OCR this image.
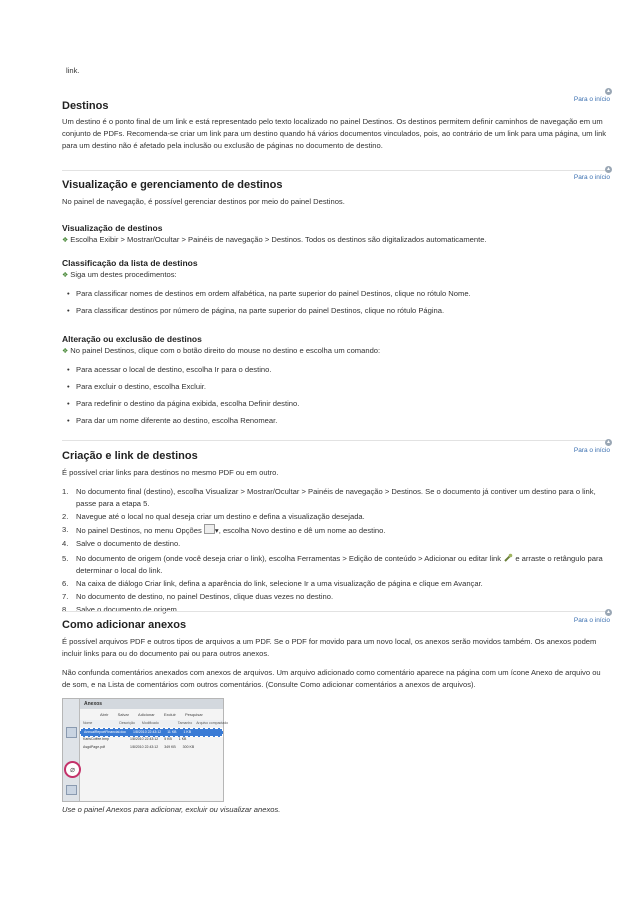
link.

Para o início
▲
Destinos

Um destino é o ponto final de um link e está representado pelo texto localizado no painel Destinos. Os destinos permitem definir caminhos de navegação em um conjunto de PDFs. Recomenda-se criar um link para um destino quando há vários documentos vinculados, pois, ao contrário de um link para uma página, um link para um destino não é afetado pela inclusão ou exclusão de páginas no documento de destino.

Para o início
▲
Visualização e gerenciamento de destinos

No painel de navegação, é possível gerenciar destinos por meio do painel Destinos.

Visualização de destinos
❖ Escolha Exibir > Mostrar/Ocultar > Painéis de navegação > Destinos. Todos os destinos são digitalizados automaticamente.
Classificação da lista de destinos
❖ Siga um destes procedimentos:
• Para classificar nomes de destinos em ordem alfabética, na parte superior do painel Destinos, clique no rótulo Nome.
• Para classificar destinos por número de página, na parte superior do painel Destinos, clique no rótulo Página.
Alteração ou exclusão de destinos
❖ No painel Destinos, clique com o botão direito do mouse no destino e escolha um comando:
• Para acessar o local de destino, escolha Ir para o destino.
• Para excluir o destino, escolha Excluir.
• Para redefinir o destino da página exibida, escolha Definir destino.
• Para dar um nome diferente ao destino, escolha Renomear.
Para o início
▲
Criação e link de destinos

É possível criar links para destinos no mesmo PDF ou em outro.

1.	No documento final (destino), escolha Visualizar > Mostrar/Ocultar > Painéis de navegação > Destinos. Se o documento já contiver um destino para o link, passe para a etapa 5.
2.	Navegue até o local no qual deseja criar um destino e defina a visualização desejada.
3.	No painel Destinos, no menu Opções ▾, escolha Novo destino e dê um nome ao destino.
4.	Salve o documento de destino.
5.	No documento de origem (onde você deseja criar o link), escolha Ferramentas > Edição de conteúdo > Adicionar ou editar link e arraste o retângulo para determinar o local do link.
6.	Na caixa de diálogo Criar link, defina a aparência do link, selecione Ir a uma visualização de página e clique em Avançar.
7.	No documento de destino, no painel Destinos, clique duas vezes no destino.
8.	Salve o documento de origem.
Para o início
▲
Como adicionar anexos

É possível arquivos PDF e outros tipos de arquivos a um PDF. Se o PDF for movido para um novo local, os anexos serão movidos também. Os anexos podem incluir links para ou do documento pai ou para outros anexos.

Não confunda comentários anexados com anexos de arquivos. Um arquivo adicionado como comentário aparece na página com um ícone Anexo de arquivo ou de som, e na Lista de comentários com outros comentários. (Consulte Como adicionar comentários a anexos de arquivos).

⌀
Anexos
Abrir Salvar Adicionar Excluir Pesquisar
Nome	Descrição Modificado	Tamanho Arquivo compactado
AnnualReportFinancial.doc 1/8/2010 22:43:12 11 KB 1 KB
KarlsCoffee.bmp	1/8/2010 22:43:12 5 KB 1 KB
AsgdPage.pdf	1/8/2010 22:43:12 349 KB 300 KB

Use o painel Anexos para adicionar, excluir ou visualizar anexos.
